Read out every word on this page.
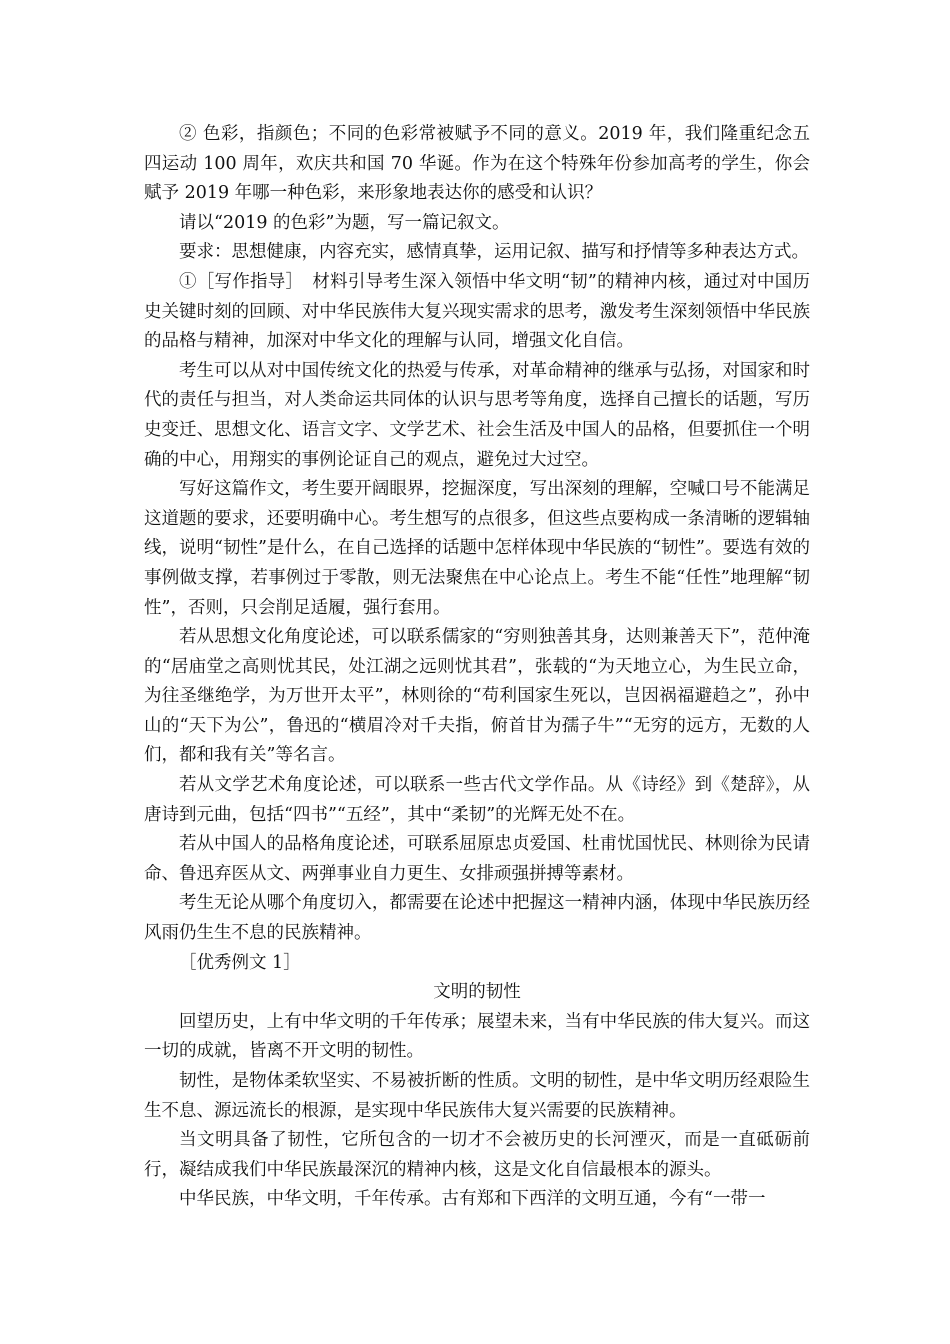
② 色彩，指颜色；不同的色彩常被赋予不同的意义。2019 年，我们隆重纪念五四运动 100 周年，欢庆共和国 70 华诞。作为在这个特殊年份参加高考的学生，你会赋予 2019 年哪一种色彩，来形象地表达你的感受和认识？

请以“2019 的色彩”为题，写一篇记叙文。

要求：思想健康，内容充实，感情真挚，运用记叙、描写和抒情等多种表达方式。

①［写作指导］　材料引导考生深入领悟中华文明“韧”的精神内核，通过对中国历史关键时刻的回顾、对中华民族伟大复兴现实需求的思考，激发考生深刻领悟中华民族的品格与精神，加深对中华文化的理解与认同，增强文化自信。

考生可以从对中国传统文化的热爱与传承，对革命精神的继承与弘扬，对国家和时代的责任与担当，对人类命运共同体的认识与思考等角度，选择自己擅长的话题，写历史变迁、思想文化、语言文字、文学艺术、社会生活及中国人的品格，但要抓住一个明确的中心，用翔实的事例论证自己的观点，避免过大过空。

写好这篇作文，考生要开阔眼界，挖掘深度，写出深刻的理解，空喊口号不能满足这道题的要求，还要明确中心。考生想写的点很多，但这些点要构成一条清晰的逻辑轴线，说明“韧性”是什么，在自己选择的话题中怎样体现中华民族的“韧性”。要选有效的事例做支撑，若事例过于零散，则无法聚焦在中心论点上。考生不能“任性”地理解“韧性”，否则，只会削足适履，强行套用。

若从思想文化角度论述，可以联系儒家的“穷则独善其身，达则兼善天下”，范仲淹的“居庙堂之高则忧其民，处江湖之远则忧其君”，张载的“为天地立心，为生民立命，为往圣继绝学，为万世开太平”，林则徐的“苟利国家生死以，岂因祸福避趋之”，孙中山的“天下为公”，鲁迅的“横眉冷对千夫指，俯首甘为孺子牛”“无穷的远方，无数的人们，都和我有关”等名言。

若从文学艺术角度论述，可以联系一些古代文学作品。从《诗经》到《楚辞》，从唐诗到元曲，包括“四书”“五经”，其中“柔韧”的光辉无处不在。

若从中国人的品格角度论述，可联系屈原忠贞爱国、杜甫忧国忧民、林则徐为民请命、鲁迅弃医从文、两弹事业自力更生、女排顽强拼搏等素材。

考生无论从哪个角度切入，都需要在论述中把握这一精神内涵，体现中华民族历经风雨仍生生不息的民族精神。

［优秀例文 1］

文明的韧性

回望历史，上有中华文明的千年传承；展望未来，当有中华民族的伟大复兴。而这一切的成就，皆离不开文明的韧性。

韧性，是物体柔软坚实、不易被折断的性质。文明的韧性，是中华文明历经艰险生生不息、源远流长的根源，是实现中华民族伟大复兴需要的民族精神。

当文明具备了韧性，它所包含的一切才不会被历史的长河湮灭，而是一直砥砺前行，凝结成我们中华民族最深沉的精神内核，这是文化自信最根本的源头。

中华民族，中华文明，千年传承。古有郑和下西洋的文明互通，今有“一带一
